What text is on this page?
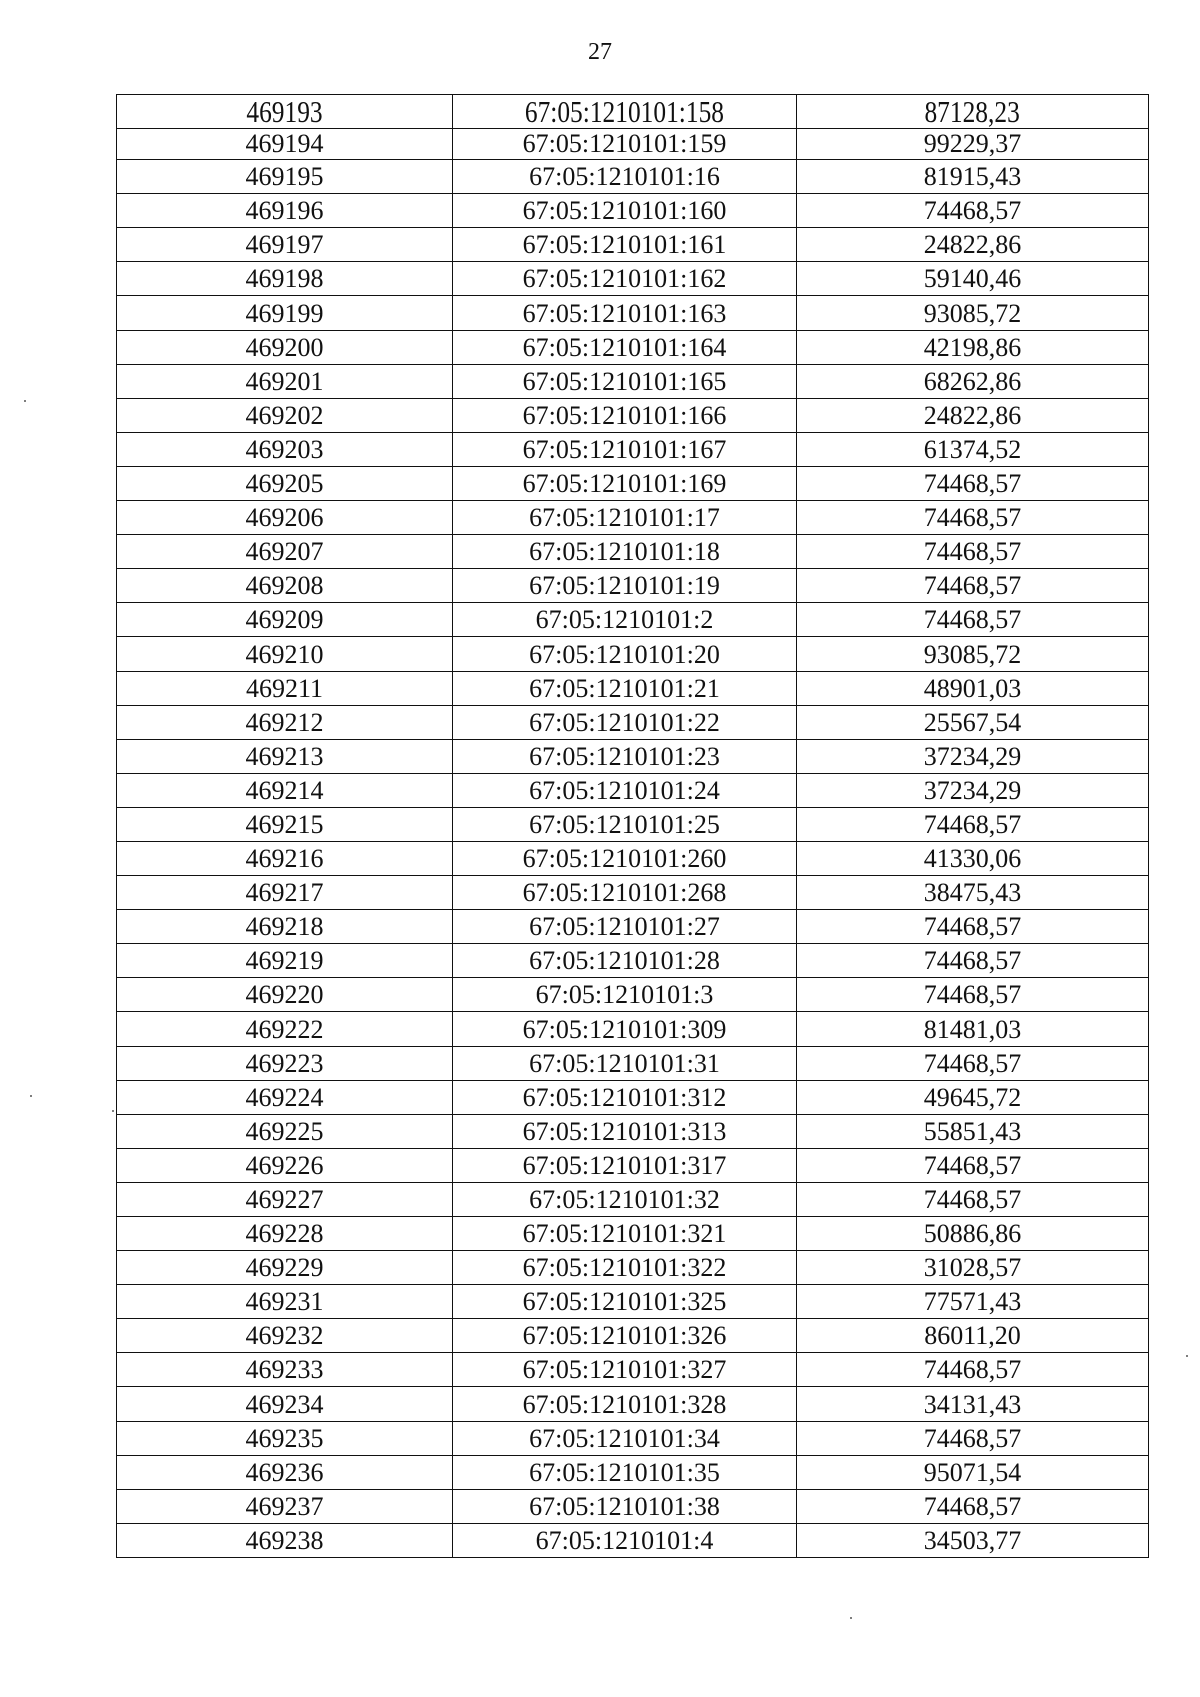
27
469193	67:05:1210101:158	87128,23
469194	67:05:1210101:159	99229,37
469195	67:05:1210101:16	81915,43
469196	67:05:1210101:160	74468,57
469197	67:05:1210101:161	24822,86
469198	67:05:1210101:162	59140,46
469199	67:05:1210101:163	93085,72
469200	67:05:1210101:164	42198,86
469201	67:05:1210101:165	68262,86
469202	67:05:1210101:166	24822,86
469203	67:05:1210101:167	61374,52
469205	67:05:1210101:169	74468,57
469206	67:05:1210101:17	74468,57
469207	67:05:1210101:18	74468,57
469208	67:05:1210101:19	74468,57
469209	67:05:1210101:2	74468,57
469210	67:05:1210101:20	93085,72
469211	67:05:1210101:21	48901,03
469212	67:05:1210101:22	25567,54
469213	67:05:1210101:23	37234,29
469214	67:05:1210101:24	37234,29
469215	67:05:1210101:25	74468,57
469216	67:05:1210101:260	41330,06
469217	67:05:1210101:268	38475,43
469218	67:05:1210101:27	74468,57
469219	67:05:1210101:28	74468,57
469220	67:05:1210101:3	74468,57
469222	67:05:1210101:309	81481,03
469223	67:05:1210101:31	74468,57
469224	67:05:1210101:312	49645,72
469225	67:05:1210101:313	55851,43
469226	67:05:1210101:317	74468,57
469227	67:05:1210101:32	74468,57
469228	67:05:1210101:321	50886,86
469229	67:05:1210101:322	31028,57
469231	67:05:1210101:325	77571,43
469232	67:05:1210101:326	86011,20
469233	67:05:1210101:327	74468,57
469234	67:05:1210101:328	34131,43
469235	67:05:1210101:34	74468,57
469236	67:05:1210101:35	95071,54
469237	67:05:1210101:38	74468,57
469238	67:05:1210101:4	34503,77
